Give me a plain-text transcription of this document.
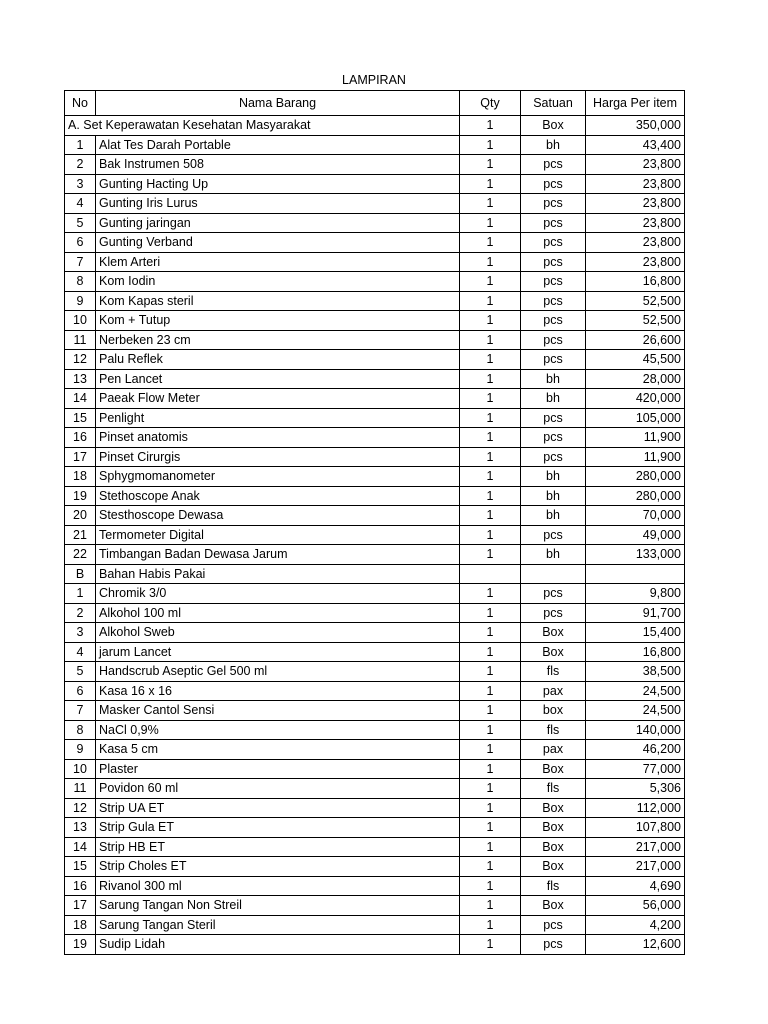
LAMPIRAN
No	Nama Barang	Qty	Satuan	Harga Per item
A. Set Keperawatan Kesehatan Masyarakat		1	Box	350,000
1	Alat Tes Darah Portable	1	bh	43,400
2	Bak Instrumen 508	1	pcs	23,800
3	Gunting Hacting Up	1	pcs	23,800
4	Gunting Iris Lurus	1	pcs	23,800
5	Gunting jaringan	1	pcs	23,800
6	Gunting Verband	1	pcs	23,800
7	Klem Arteri	1	pcs	23,800
8	Kom Iodin	1	pcs	16,800
9	Kom Kapas steril	1	pcs	52,500
10	Kom + Tutup	1	pcs	52,500
11	Nerbeken 23 cm	1	pcs	26,600
12	Palu Reflek	1	pcs	45,500
13	Pen Lancet	1	bh	28,000
14	Paeak Flow Meter	1	bh	420,000
15	Penlight	1	pcs	105,000
16	Pinset anatomis	1	pcs	11,900
17	Pinset Cirurgis	1	pcs	11,900
18	Sphygmomanometer	1	bh	280,000
19	Stethoscope Anak	1	bh	280,000
20	Stesthoscope Dewasa	1	bh	70,000
21	Termometer Digital	1	pcs	49,000
22	Timbangan Badan Dewasa Jarum	1	bh	133,000
B	Bahan Habis Pakai			
1	Chromik 3/0	1	pcs	9,800
2	Alkohol 100 ml	1	pcs	91,700
3	Alkohol Sweb	1	Box	15,400
4	jarum Lancet	1	Box	16,800
5	Handscrub Aseptic Gel 500 ml	1	fls	38,500
6	Kasa 16 x 16	1	pax	24,500
7	Masker Cantol Sensi	1	box	24,500
8	NaCl 0,9%	1	fls	140,000
9	Kasa 5 cm	1	pax	46,200
10	Plaster	1	Box	77,000
11	Povidon 60 ml	1	fls	5,306
12	Strip UA ET	1	Box	112,000
13	Strip Gula ET	1	Box	107,800
14	Strip HB ET	1	Box	217,000
15	Strip Choles ET	1	Box	217,000
16	Rivanol 300 ml	1	fls	4,690
17	Sarung Tangan Non Streil	1	Box	56,000
18	Sarung Tangan Steril	1	pcs	4,200
19	Sudip Lidah	1	pcs	12,600
